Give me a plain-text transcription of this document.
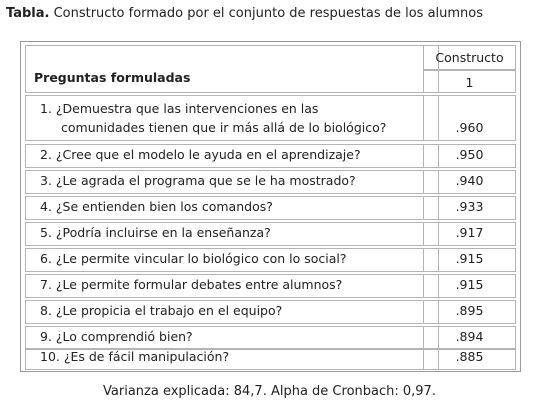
Tabla. Constructo formado por el conjunto de respuestas de los alumnos
Preguntas formuladas
Constructo
1
1. ¿Demuestra que las intervenciones en las
comunidades tienen que ir más allá de lo biológico?	.960
2. ¿Cree que el modelo le ayuda en el aprendizaje?	.950
3. ¿Le agrada el programa que se le ha mostrado?	.940
4. ¿Se entienden bien los comandos?	.933
5. ¿Podría incluirse en la enseñanza?	.917
6. ¿Le permite vincular lo biológico con lo social?	.915
7. ¿Le permite formular debates entre alumnos?	.915
8. ¿Le propicia el trabajo en el equipo?	.895
9. ¿Lo comprendió bien?	.894
10. ¿Es de fácil manipulación?	.885
Varianza explicada: 84,7. Alpha de Cronbach: 0,97.
